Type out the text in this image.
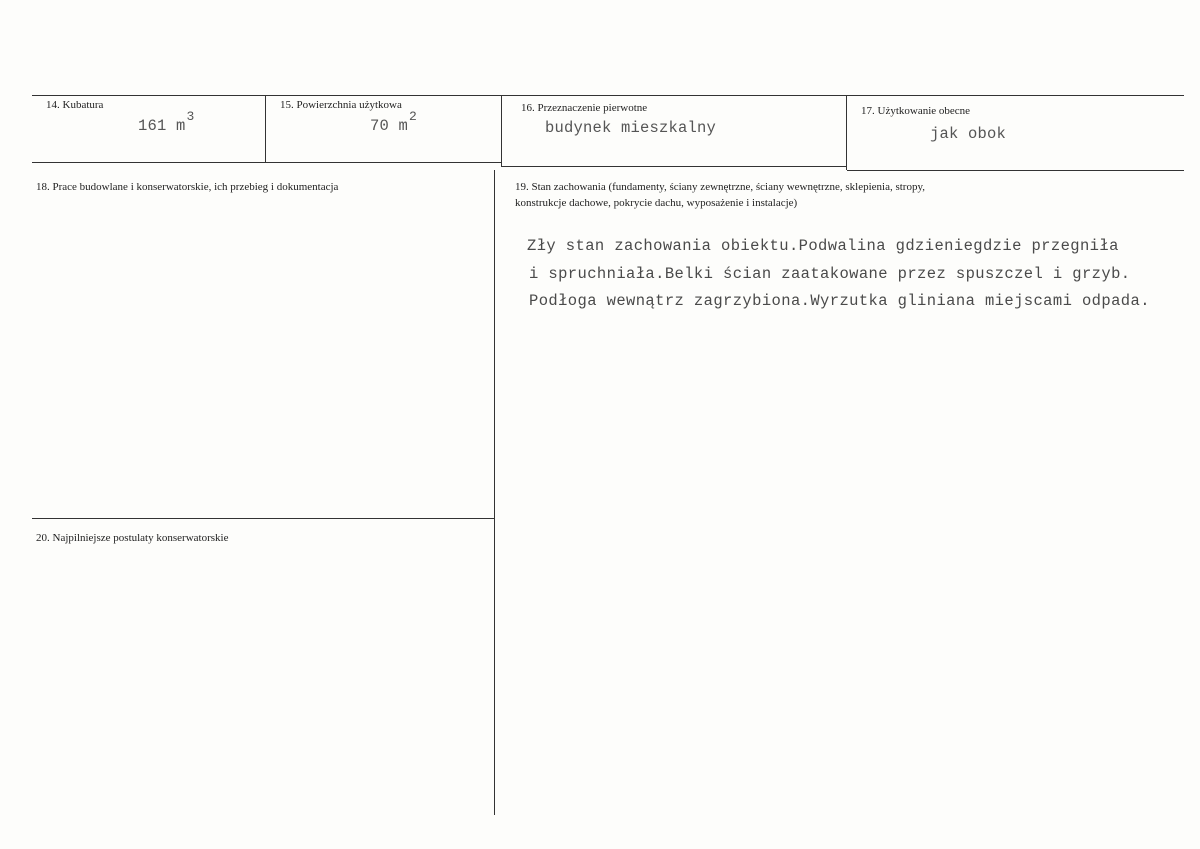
14. Kubatura
161 $m^3$
15. Powierzchnia użytkowa
70 $m^2$
16. Przeznaczenie pierwotne
budynek mieszkalny
17. Użytkowanie obecne
jak obok
18. Prace budowlane i konserwatorskie, ich przebieg i dokumentacja	19. Stan zachowania (fundamenty, ściany zewnętrzne, ściany wewnętrzne, sklepienia, stropy,
konstrukcje dachowe, pokrycie dachu, wyposażenie i instalacje)
Zły stan zachowania obiektu.Podwalina gdzieniegdzie przegniła
i spruchniała.Belki ścian zaatakowane przez spuszczel i grzyb.
Podłoga wewnątrz zagrzybiona.Wyrzutka gliniana miejscami odpada.
20. Najpilniejsze postulaty konserwatorskie
